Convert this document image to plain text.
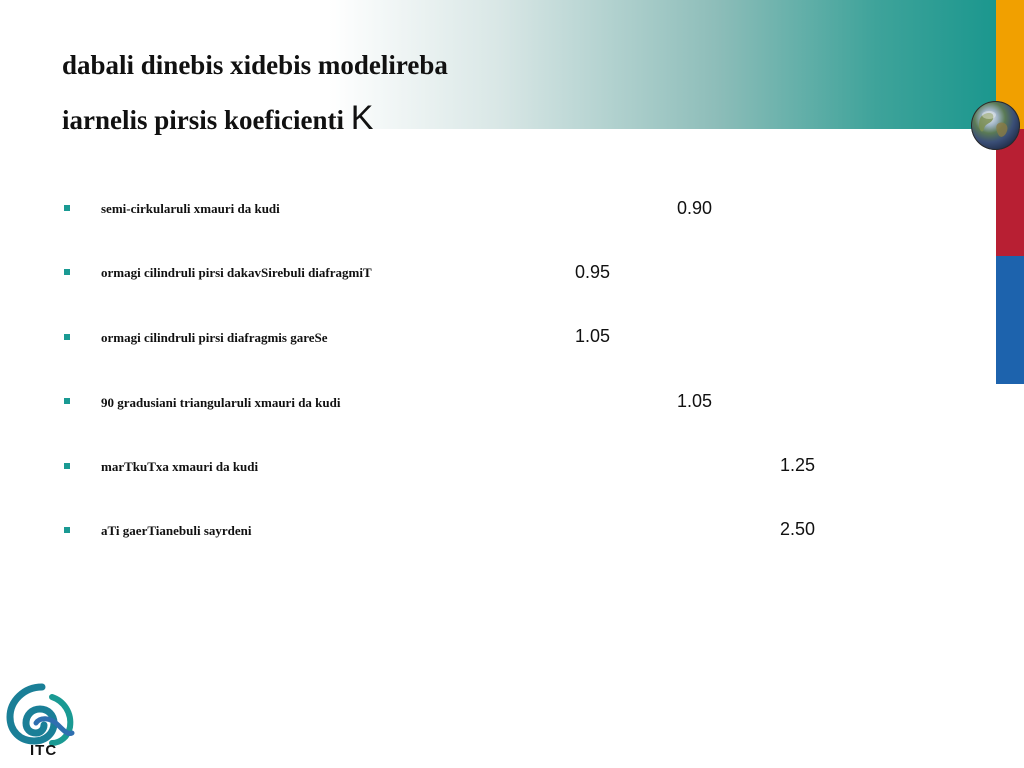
dabali dinebis xidebis modelireba
iarnelis pirsis koeficienti K
semi-cirkularuli xmauri da kudi	0.90
ormagi cilindruli pirsi dakavSirebuli diafragmiT	0.95
ormagi cilindruli pirsi diafragmis gareSe	1.05
90 gradusiani triangularuli xmauri da kudi	1.05
marTkuTxa xmauri da kudi	1.25
aTi gaerTianebuli sayrdeni	2.50
ITC
